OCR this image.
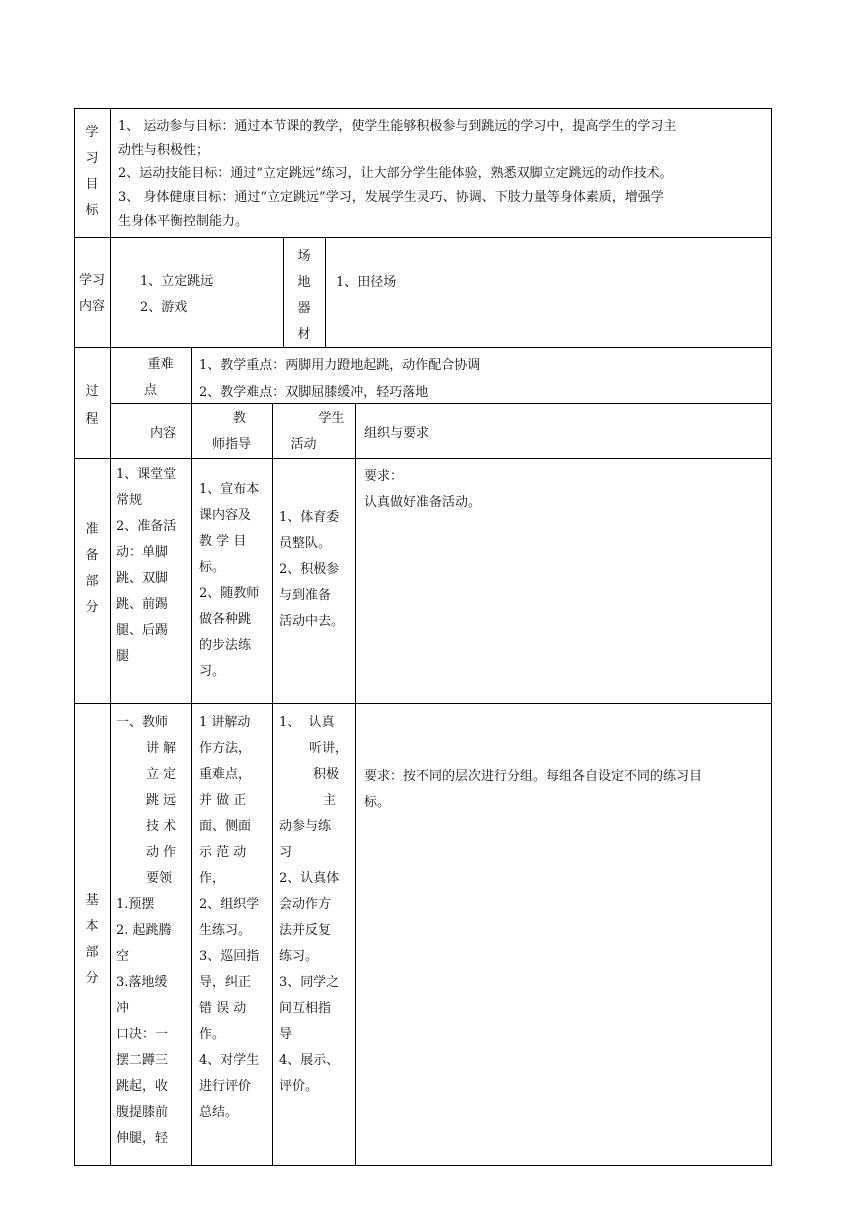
学
习
目
标
1、 运动参与目标：通过本节课的教学，使学生能够积极参与到跳远的学习中，提高学生的学习主
动性与积极性；
2、运动技能目标：通过“立定跳远”练习，让大部分学生能体验，熟悉双脚立定跳远的动作技术。
3、 身体健康目标：通过“立定跳远”学习，发展学生灵巧、协调、下肢力量等身体素质，增强学
生身体平衡控制能力。
学习
内容
1、立定跳远
2、游戏
场
地
器
材
1、田径场
过
程
重难
点
1、教学重点：两脚用力蹬地起跳，动作配合协调
2、教学难点：双脚屈膝缓冲，轻巧落地
内容
教
师指导
学生
活动
组织与要求
准
备
部
分
1、课堂堂
常规
2、准备活
动：单脚
跳、双脚
跳、前踢
腿、后踢
腿
1、宣布本
课内容及
教 学 目
标。
2、随教师
做各种跳
的步法练
习。
1、体育委
员整队。
2、积极参
与到准备
活动中去。
要求：
认真做好准备活动。
基
本
部
分
一、教师
讲 解
立 定
跳 远
技 术
动 作
要领
1.预摆
2. 起跳腾
空
3.落地缓
冲
口决：一
摆二蹲三
跳起，收
腹提膝前
伸腿，轻
1 讲解动
作方法，
重难点，
并 做 正
面、侧面
示 范 动
作，
2、组织学
生练习。
3、巡回指
导，纠正
错 误 动
作。
4、对学生
进行评价
总结。
1、  认真
听讲，
积极
主
动参与练
习
2、认真体
会动作方
法并反复
练习。
3、同学之
间互相指
导
4、展示、
评价。
要求：按不同的层次进行分组。每组各自设定不同的练习目
标。
